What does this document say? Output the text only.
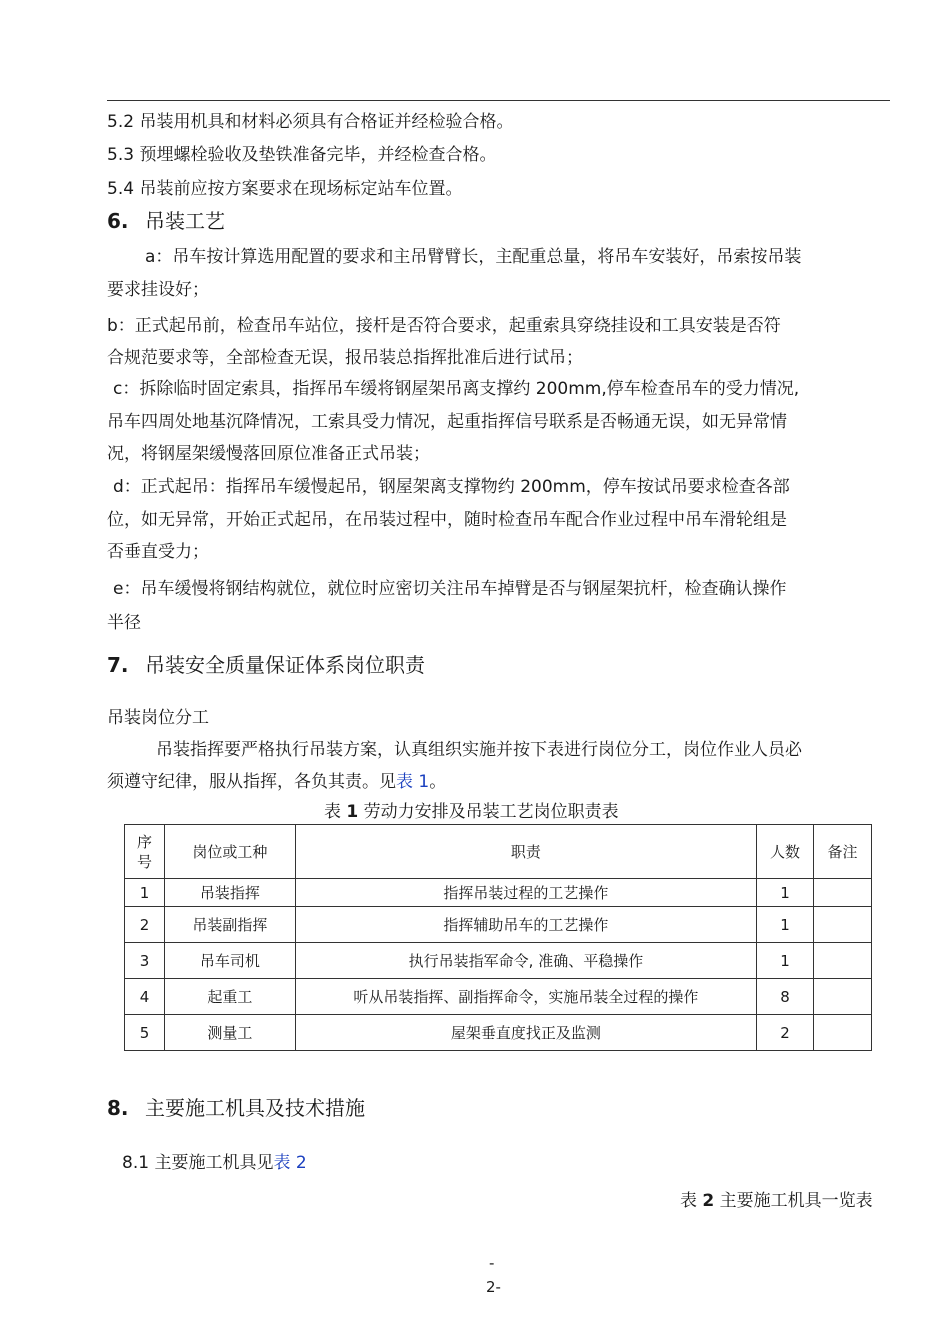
5.2 吊装用机具和材料必须具有合格证并经检验合格。
5.3 预埋螺栓验收及垫铁准备完毕，并经检查合格。
5.4 吊装前应按方案要求在现场标定站车位置。
6. 吊装工艺
a：吊车按计算选用配置的要求和主吊臂臂长，主配重总量，将吊车安装好，吊索按吊装
要求挂设好；
b：正式起吊前，检查吊车站位，接杆是否符合要求，起重索具穿绕挂设和工具安装是否符
合规范要求等，全部检查无误，报吊装总指挥批准后进行试吊；
c：拆除临时固定索具，指挥吊车缓将钢屋架吊离支撑约 200mm,停车检查吊车的受力情况,
吊车四周处地基沉降情况，工索具受力情况，起重指挥信号联系是否畅通无误，如无异常情
况，将钢屋架缓慢落回原位准备正式吊装；
d：正式起吊：指挥吊车缓慢起吊，钢屋架离支撑物约 200mm，停车按试吊要求检查各部
位，如无异常，开始正式起吊，在吊装过程中，随时检查吊车配合作业过程中吊车滑轮组是
否垂直受力；
e：吊车缓慢将钢结构就位，就位时应密切关注吊车掉臂是否与钢屋架抗杆，检查确认操作
半径
7. 吊装安全质量保证体系岗位职责
吊装岗位分工
吊装指挥要严格执行吊装方案，认真组织实施并按下表进行岗位分工，岗位作业人员必
须遵守纪律，服从指挥，各负其责。见表 1。
表 1 劳动力安排及吊装工艺岗位职责表
序
号	岗位或工种	职责	人数	备注
1	吊装指挥	指挥吊装过程的工艺操作	1	
2	吊装副指挥	指挥辅助吊车的工艺操作	1	
3	吊车司机	执行吊装指军命令, 准确、平稳操作	1	
4	起重工	听从吊装指挥、副指挥命令，实施吊装全过程的操作	8	
5	测量工	屋架垂直度找正及监测	2	
8. 主要施工机具及技术措施
8.1 主要施工机具见表 2
表 2 主要施工机具一览表
-
2-
